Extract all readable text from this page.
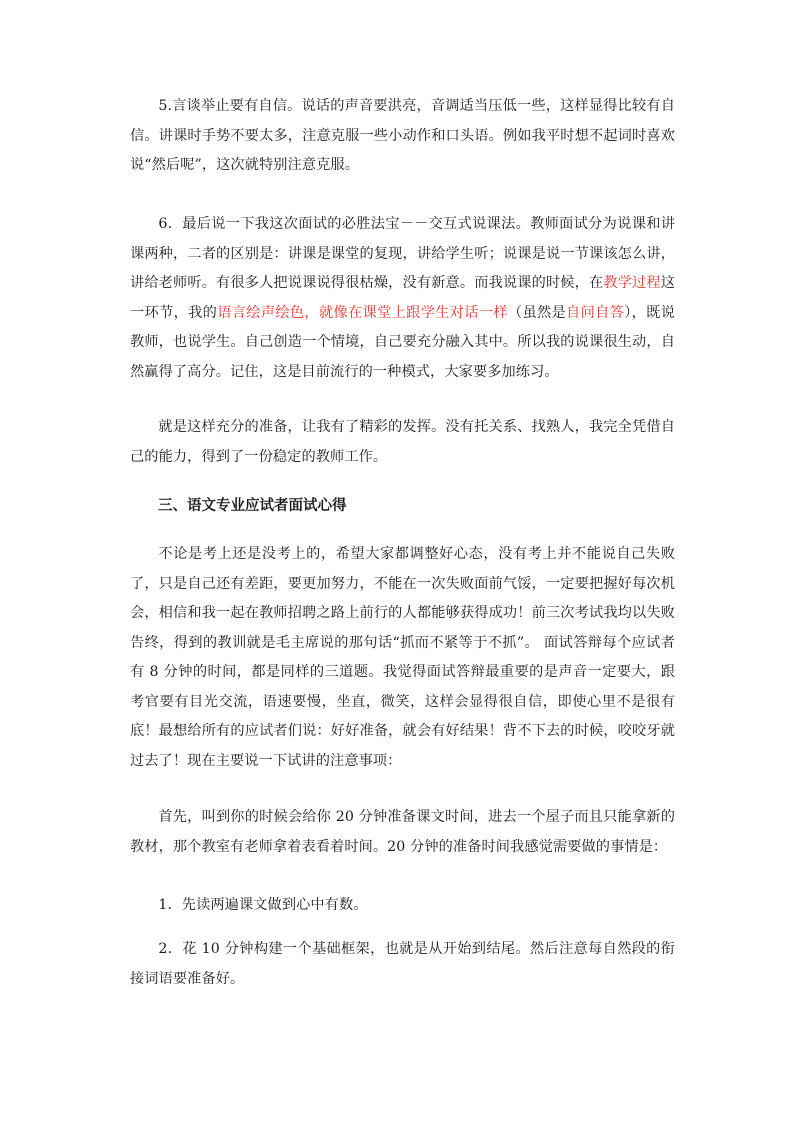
5.言谈举止要有自信。说话的声音要洪亮，音调适当压低一些，这样显得比较有自信。讲课时手势不要太多，注意克服一些小动作和口头语。例如我平时想不起词时喜欢说“然后呢”，这次就特别注意克服。

6．最后说一下我这次面试的必胜法宝－－交互式说课法。教师面试分为说课和讲课两种，二者的区别是：讲课是课堂的复现，讲给学生听；说课是说一节课该怎么讲，讲给老师听。有很多人把说课说得很枯燥，没有新意。而我说课的时候，在教学过程这一环节，我的语言绘声绘色，就像在课堂上跟学生对话一样（虽然是自问自答），既说教师，也说学生。自己创造一个情境，自己要充分融入其中。所以我的说课很生动，自然赢得了高分。记住，这是目前流行的一种模式，大家要多加练习。

就是这样充分的准备，让我有了精彩的发挥。没有托关系、找熟人，我完全凭借自己的能力，得到了一份稳定的教师工作。

三、语文专业应试者面试心得

不论是考上还是没考上的，希望大家都调整好心态，没有考上并不能说自己失败了，只是自己还有差距，要更加努力，不能在一次失败面前气馁，一定要把握好每次机会，相信和我一起在教师招聘之路上前行的人都能够获得成功！前三次考试我均以失败告终，得到的教训就是毛主席说的那句话“抓而不紧等于不抓”。 面试答辩每个应试者有 8 分钟的时间，都是同样的三道题。我觉得面试答辩最重要的是声音一定要大，跟考官要有目光交流，语速要慢，坐直，微笑，这样会显得很自信，即使心里不是很有底！最想给所有的应试者们说：好好准备，就会有好结果！背不下去的时候，咬咬牙就过去了！现在主要说一下试讲的注意事项：

首先，叫到你的时候会给你 20 分钟准备课文时间，进去一个屋子而且只能拿新的教材，那个教室有老师拿着表看着时间。20 分钟的准备时间我感觉需要做的事情是：

1．先读两遍课文做到心中有数。

2．花 10 分钟构建一个基础框架，也就是从开始到结尾。然后注意每自然段的衔接词语要准备好。
